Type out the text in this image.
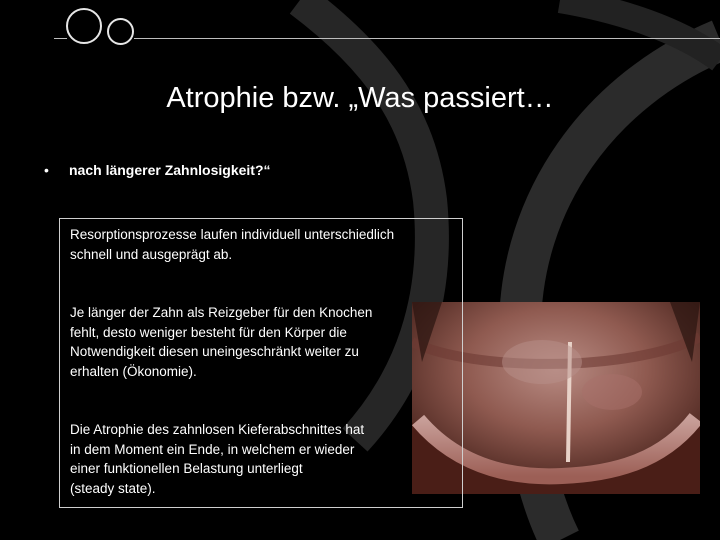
Atrophie bzw. „Was passiert…
•	nach längerer Zahnlosigkeit?“

Resorptionsprozesse laufen individuell unterschiedlich
schnell und ausgeprägt ab.

Je länger der Zahn als Reizgeber für den Knochen
fehlt, desto weniger besteht für den Körper die
Notwendigkeit diesen uneingeschränkt weiter zu
erhalten (Ökonomie).

Die Atrophie des zahnlosen Kieferabschnittes hat
in dem Moment ein Ende, in welchem er wieder
einer funktionellen Belastung unterliegt
(steady state).
